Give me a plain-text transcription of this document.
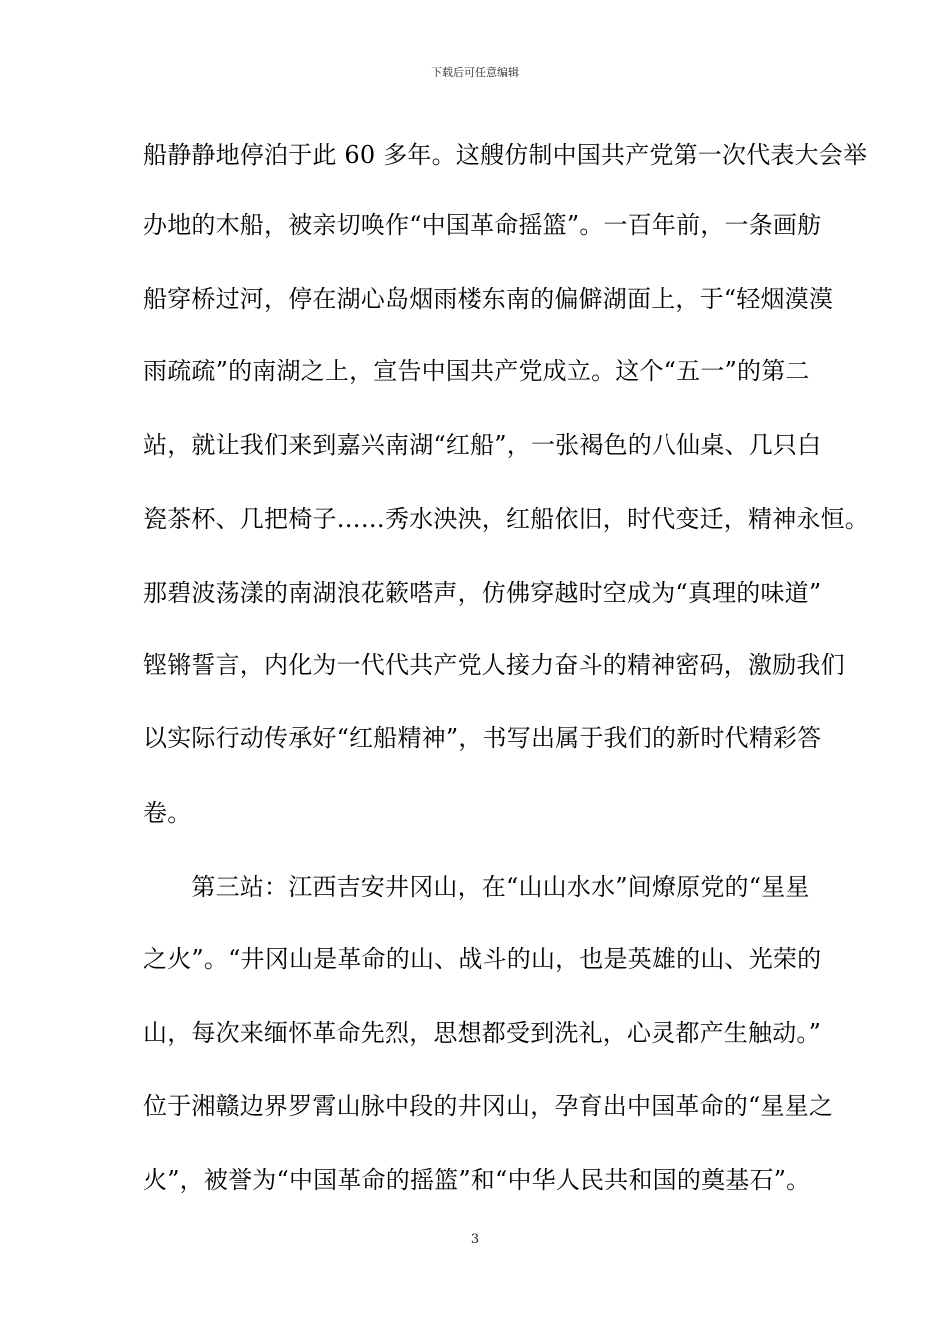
下载后可任意编辑
船静静地停泊于此 60 多年。这艘仿制中国共产党第一次代表大会举
办地的木船，被亲切唤作“中国革命摇篮”。一百年前，一条画舫
船穿桥过河，停在湖心岛烟雨楼东南的偏僻湖面上，于“轻烟漠漠
雨疏疏”的南湖之上，宣告中国共产党成立。这个“五一”的第二
站，就让我们来到嘉兴南湖“红船”，一张褐色的八仙桌、几只白
瓷茶杯、几把椅子……秀水泱泱，红船依旧，时代变迁，精神永恒。
那碧波荡漾的南湖浪花簌嗒声，仿佛穿越时空成为“真理的味道”
铿锵誓言，内化为一代代共产党人接力奋斗的精神密码，激励我们
以实际行动传承好“红船精神”，书写出属于我们的新时代精彩答
卷。
　　第三站：江西吉安井冈山，在“山山水水”间燎原党的“星星
之火”。“井冈山是革命的山、战斗的山，也是英雄的山、光荣的
山，每次来缅怀革命先烈，思想都受到洗礼，心灵都产生触动。”
位于湘赣边界罗霄山脉中段的井冈山，孕育出中国革命的“星星之
火”，被誉为“中国革命的摇篮”和“中华人民共和国的奠基石”。
3
